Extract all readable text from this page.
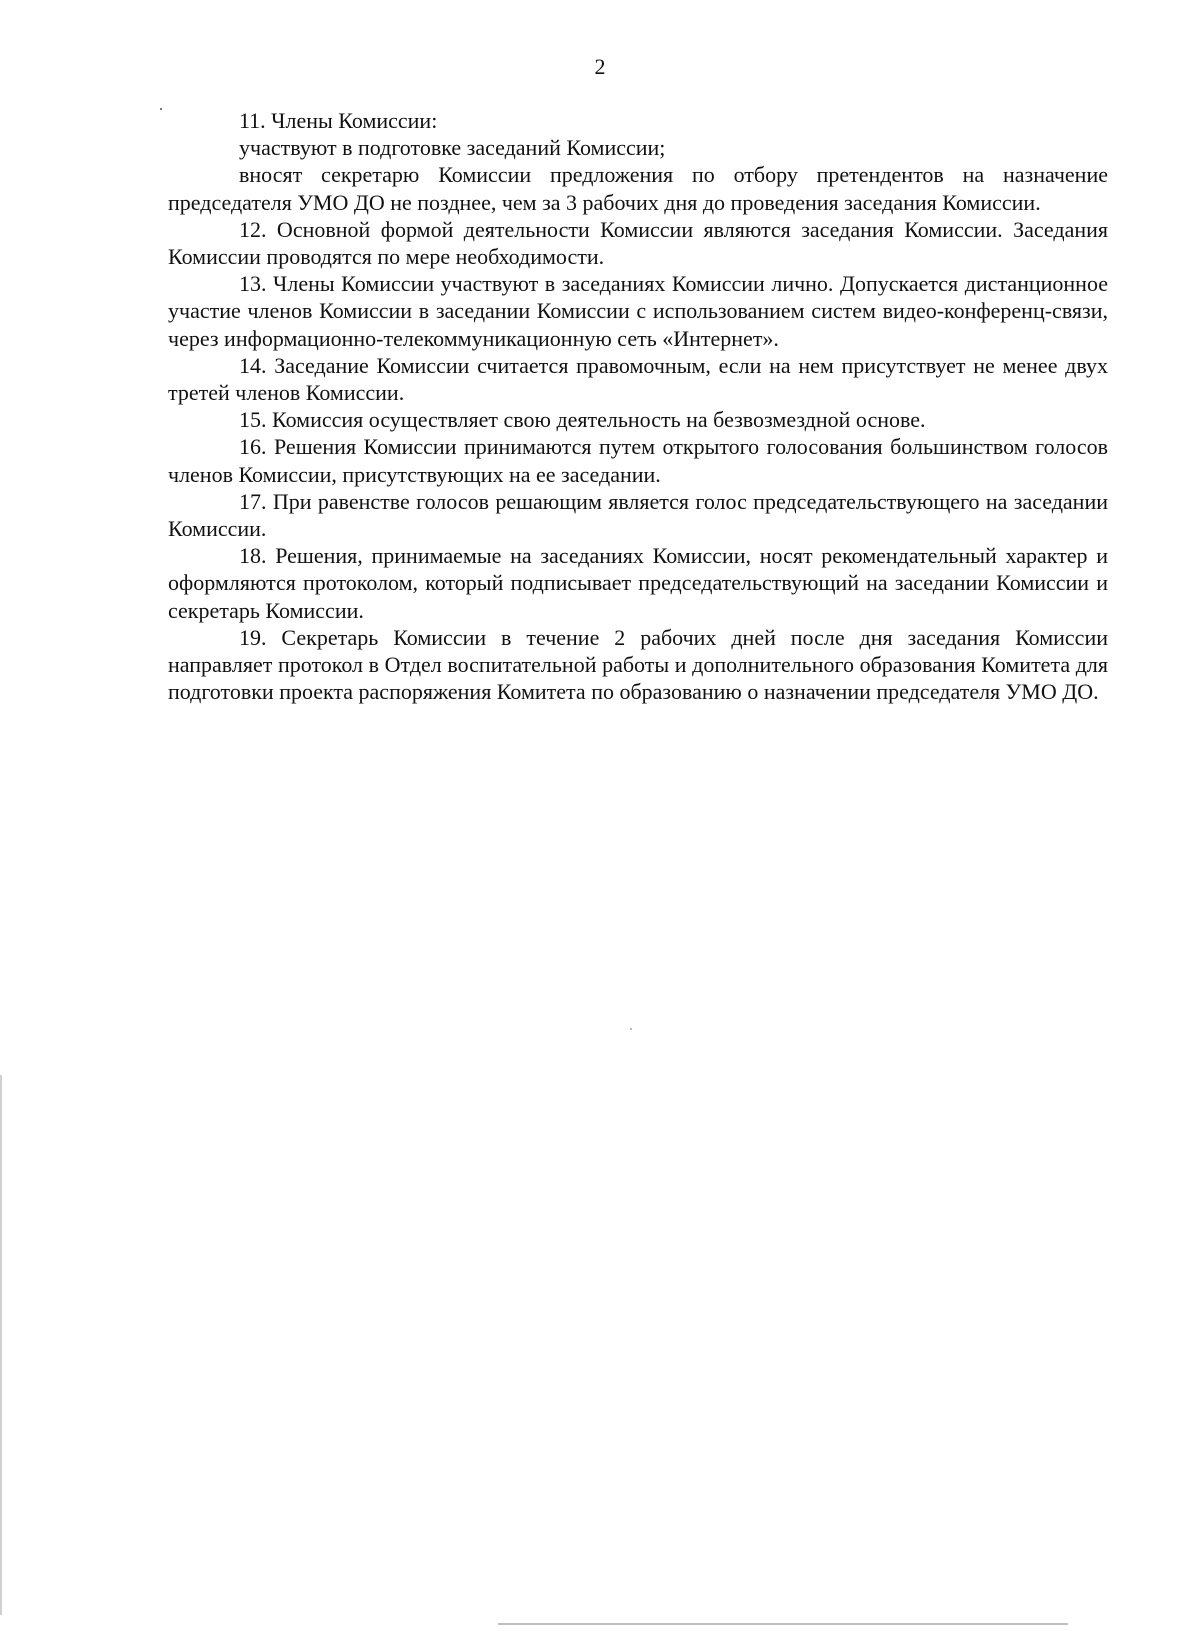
2

11. Члены Комиссии:

участвуют в подготовке заседаний Комиссии;

вносят секретарю Комиссии предложения по отбору претендентов на назначение председателя УМО ДО не позднее, чем за 3 рабочих дня до проведения заседания Комиссии.

12. Основной формой деятельности Комиссии являются заседания Комиссии. Заседания Комиссии проводятся по мере необходимости.

13. Члены Комиссии участвуют в заседаниях Комиссии лично. Допускается дистанционное участие членов Комиссии в заседании Комиссии с использованием систем видео-конференц-связи, через информационно-телекоммуникационную сеть «Интернет».

14. Заседание Комиссии считается правомочным, если на нем присутствует не менее двух третей членов Комиссии.

15. Комиссия осуществляет свою деятельность на безвозмездной основе.

16. Решения Комиссии принимаются путем открытого голосования большинством голосов членов Комиссии, присутствующих на ее заседании.

17. При равенстве голосов решающим является голос председательствующего на заседании Комиссии.

18. Решения, принимаемые на заседаниях Комиссии, носят рекомендательный характер и оформляются протоколом, который подписывает председательствующий на заседании Комиссии и секретарь Комиссии.

19. Секретарь Комиссии в течение 2 рабочих дней после дня заседания Комиссии направляет протокол в Отдел воспитательной работы и дополнительного образования Комитета для подготовки проекта распоряжения Комитета по образованию о назначении председателя УМО ДО.
